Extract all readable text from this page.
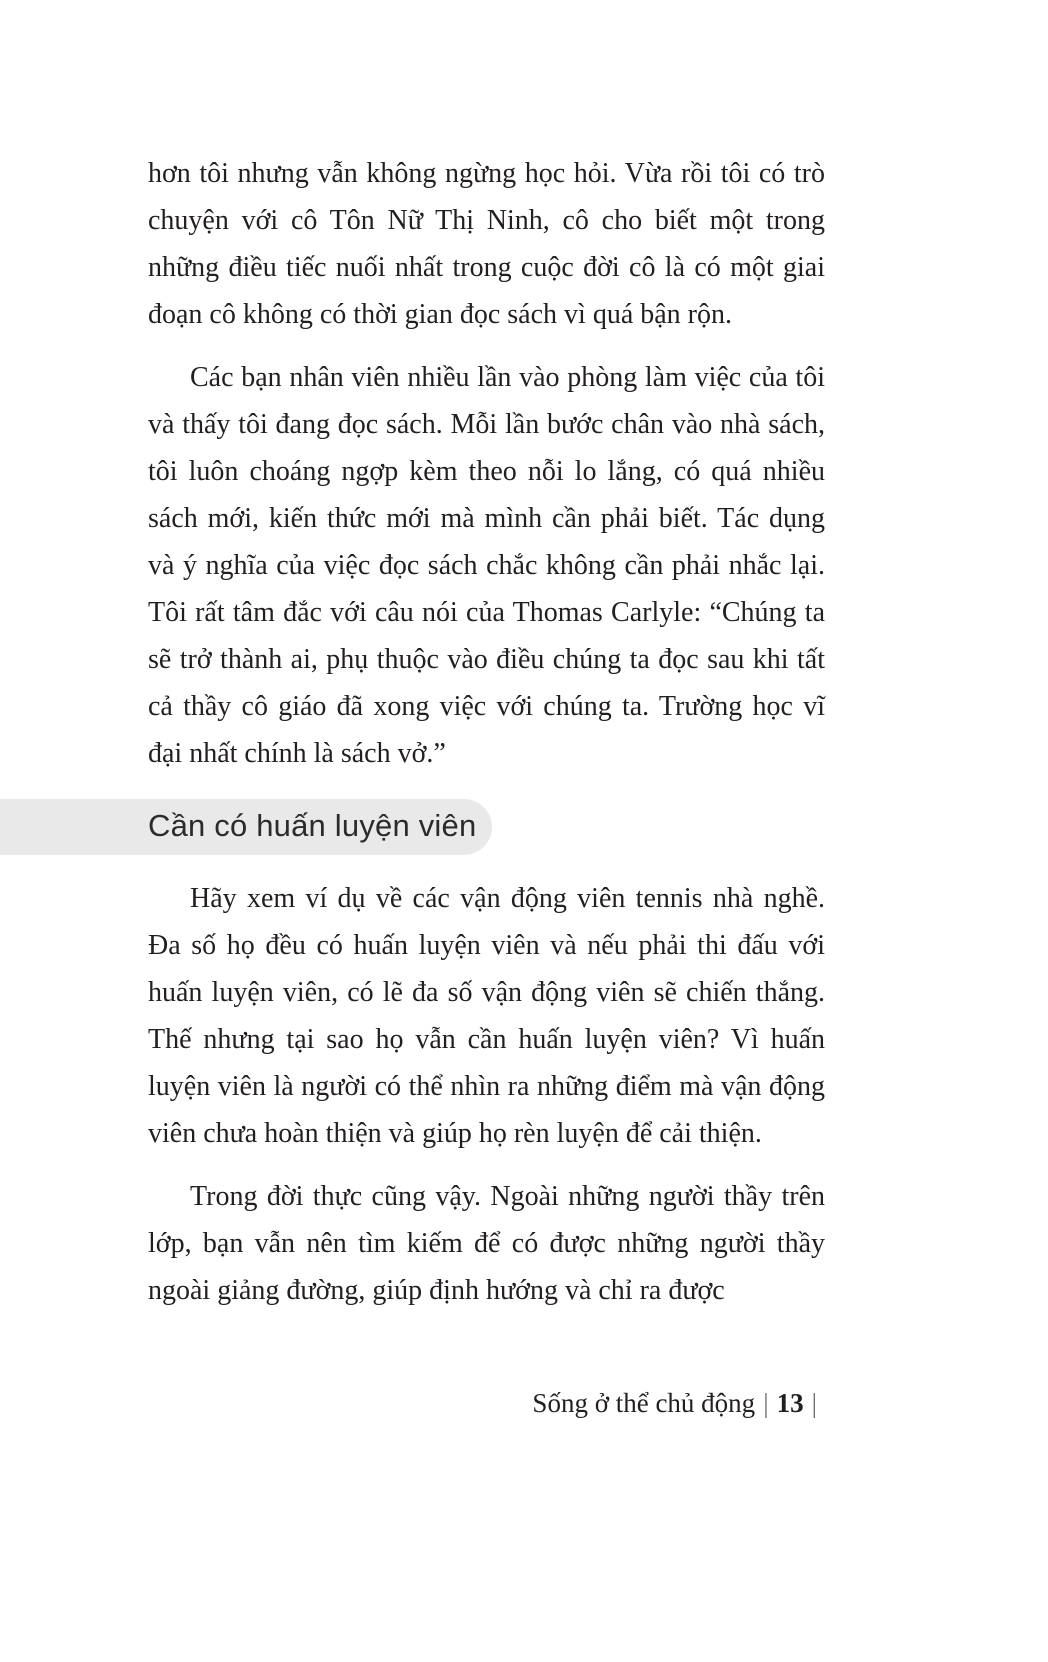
hơn tôi nhưng vẫn không ngừng học hỏi. Vừa rồi tôi có trò chuyện với cô Tôn Nữ Thị Ninh, cô cho biết một trong những điều tiếc nuối nhất trong cuộc đời cô là có một giai đoạn cô không có thời gian đọc sách vì quá bận rộn.

Các bạn nhân viên nhiều lần vào phòng làm việc của tôi và thấy tôi đang đọc sách. Mỗi lần bước chân vào nhà sách, tôi luôn choáng ngợp kèm theo nỗi lo lắng, có quá nhiều sách mới, kiến thức mới mà mình cần phải biết. Tác dụng và ý nghĩa của việc đọc sách chắc không cần phải nhắc lại. Tôi rất tâm đắc với câu nói của Thomas Carlyle: “Chúng ta sẽ trở thành ai, phụ thuộc vào điều chúng ta đọc sau khi tất cả thầy cô giáo đã xong việc với chúng ta. Trường học vĩ đại nhất chính là sách vở.”

Cần có huấn luyện viên

Hãy xem ví dụ về các vận động viên tennis nhà nghề. Đa số họ đều có huấn luyện viên và nếu phải thi đấu với huấn luyện viên, có lẽ đa số vận động viên sẽ chiến thắng. Thế nhưng tại sao họ vẫn cần huấn luyện viên? Vì huấn luyện viên là người có thể nhìn ra những điểm mà vận động viên chưa hoàn thiện và giúp họ rèn luyện để cải thiện.

Trong đời thực cũng vậy. Ngoài những người thầy trên lớp, bạn vẫn nên tìm kiếm để có được những người thầy ngoài giảng đường, giúp định hướng và chỉ ra được

Sống ở thể chủ động | 13 |
